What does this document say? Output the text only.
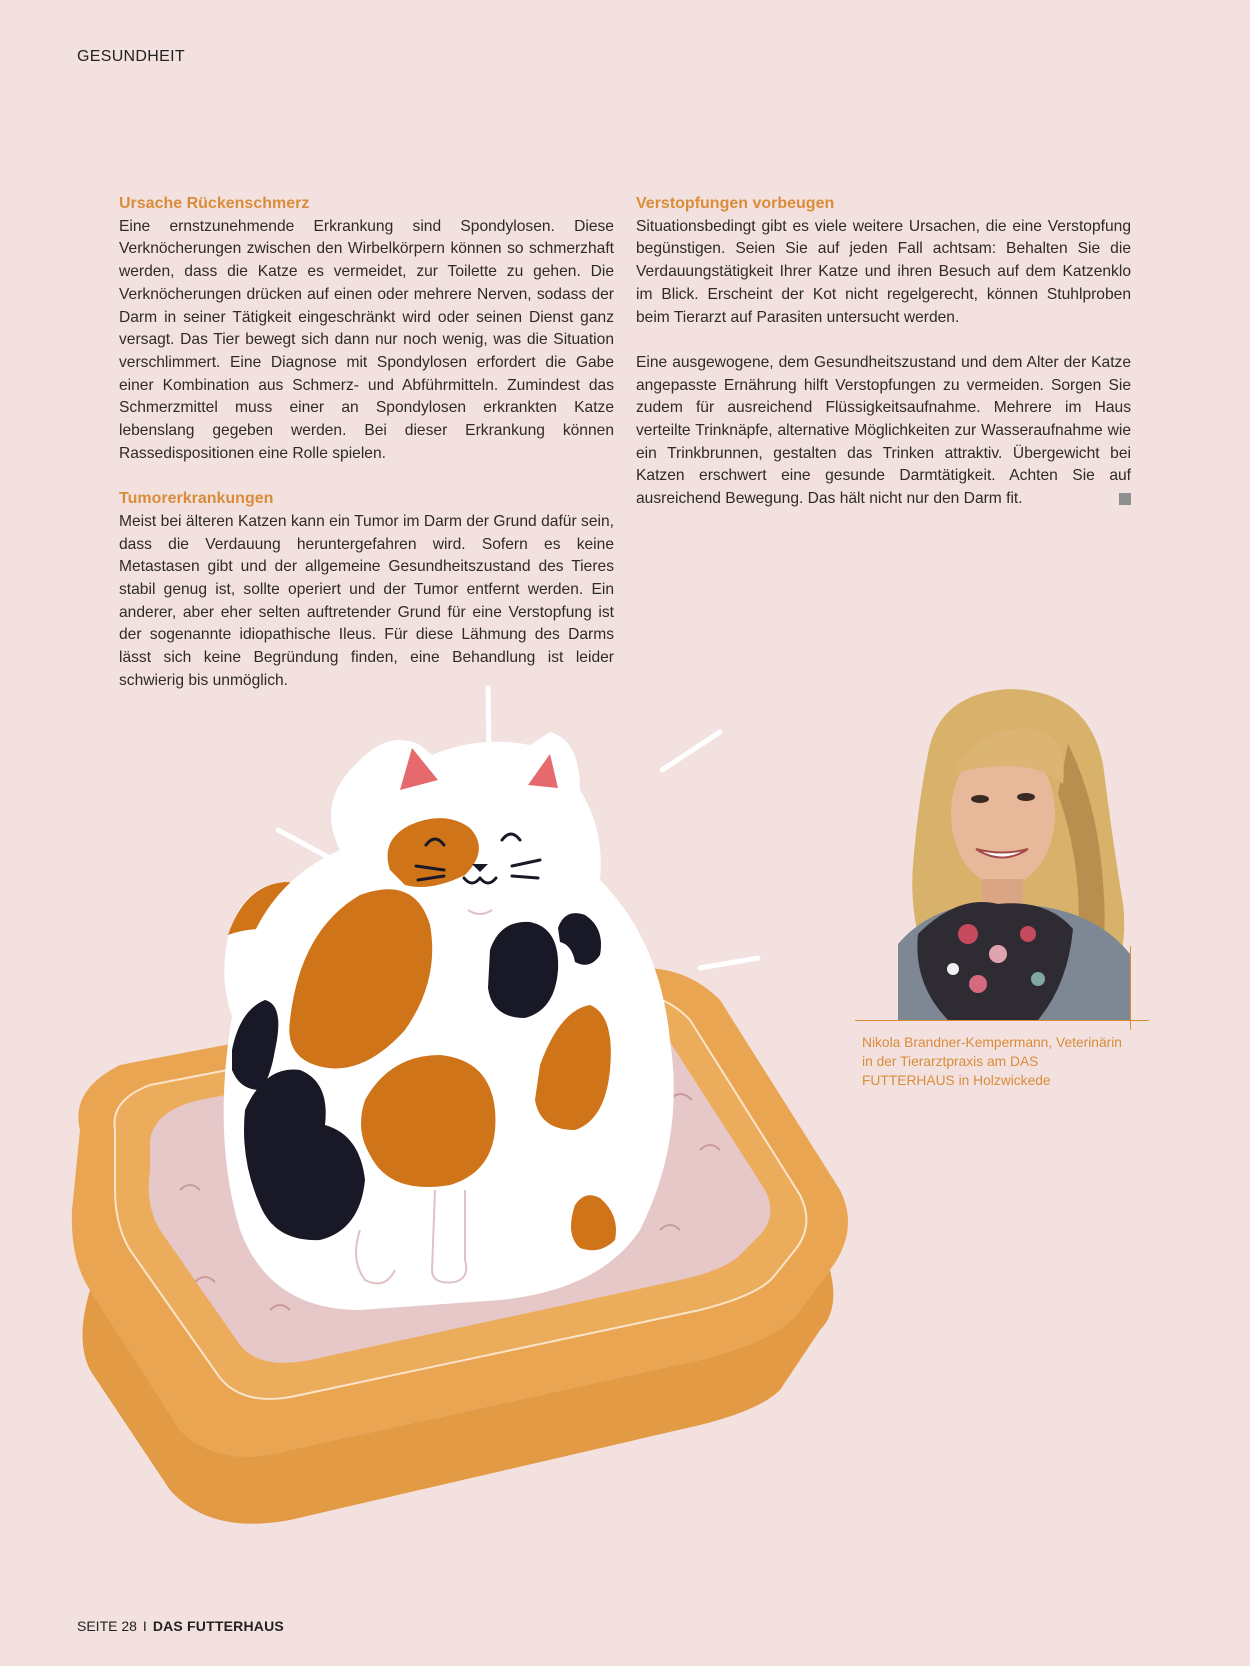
GESUNDHEIT
Ursache Rückenschmerz

Eine ernstzunehmende Erkrankung sind Spondylosen. Diese Verknöcherungen zwischen den Wirbelkörpern können so schmerzhaft werden, dass die Katze es vermeidet, zur Toilette zu gehen. Die Verknöcherungen drücken auf einen oder mehrere Nerven, sodass der Darm in seiner Tätigkeit eingeschränkt wird oder seinen Dienst ganz versagt. Das Tier bewegt sich dann nur noch wenig, was die Situation verschlimmert. Eine Diagnose mit Spondylosen erfordert die Gabe einer Kombination aus Schmerz- und Abführmitteln. Zumindest das Schmerzmittel muss einer an Spondylosen erkrankten Katze lebenslang gegeben werden. Bei dieser Erkrankung können Rassedispositionen eine Rolle spielen.

Tumorerkrankungen

Meist bei älteren Katzen kann ein Tumor im Darm der Grund dafür sein, dass die Verdauung heruntergefahren wird. Sofern es keine Metastasen gibt und der allgemeine Gesundheitszustand des Tieres stabil genug ist, sollte operiert und der Tumor entfernt werden. Ein anderer, aber eher selten auftretender Grund für eine Verstopfung ist der sogenannte idiopathische Ileus. Für diese Lähmung des Darms lässt sich keine Begründung finden, eine Behandlung ist leider schwierig bis unmöglich.

Verstopfungen vorbeugen

Situationsbedingt gibt es viele weitere Ursachen, die eine Verstopfung begünstigen. Seien Sie auf jeden Fall achtsam: Behalten Sie die Verdauungstätigkeit Ihrer Katze und ihren Besuch auf dem Katzenklo im Blick. Erscheint der Kot nicht regelgerecht, können Stuhlproben beim Tierarzt auf Parasiten untersucht werden.

Eine ausgewogene, dem Gesundheitszustand und dem Alter der Katze angepasste Ernährung hilft Verstopfungen zu vermeiden. Sorgen Sie zudem für ausreichend Flüssigkeitsaufnahme. Mehrere im Haus verteilte Trinknäpfe, alternative Möglichkeiten zur Wasseraufnahme wie ein Trinkbrunnen, gestalten das Trinken attraktiv. Übergewicht bei Katzen erschwert eine gesunde Darmtätigkeit. Achten Sie auf ausreichend Bewegung. Das hält nicht nur den Darm fit.

Nikola Brandner-Kempermann, Veterinärin in der Tierarztpraxis am DAS FUTTERHAUS in Holzwickede
SEITE 28 I DAS FUTTERHAUS
